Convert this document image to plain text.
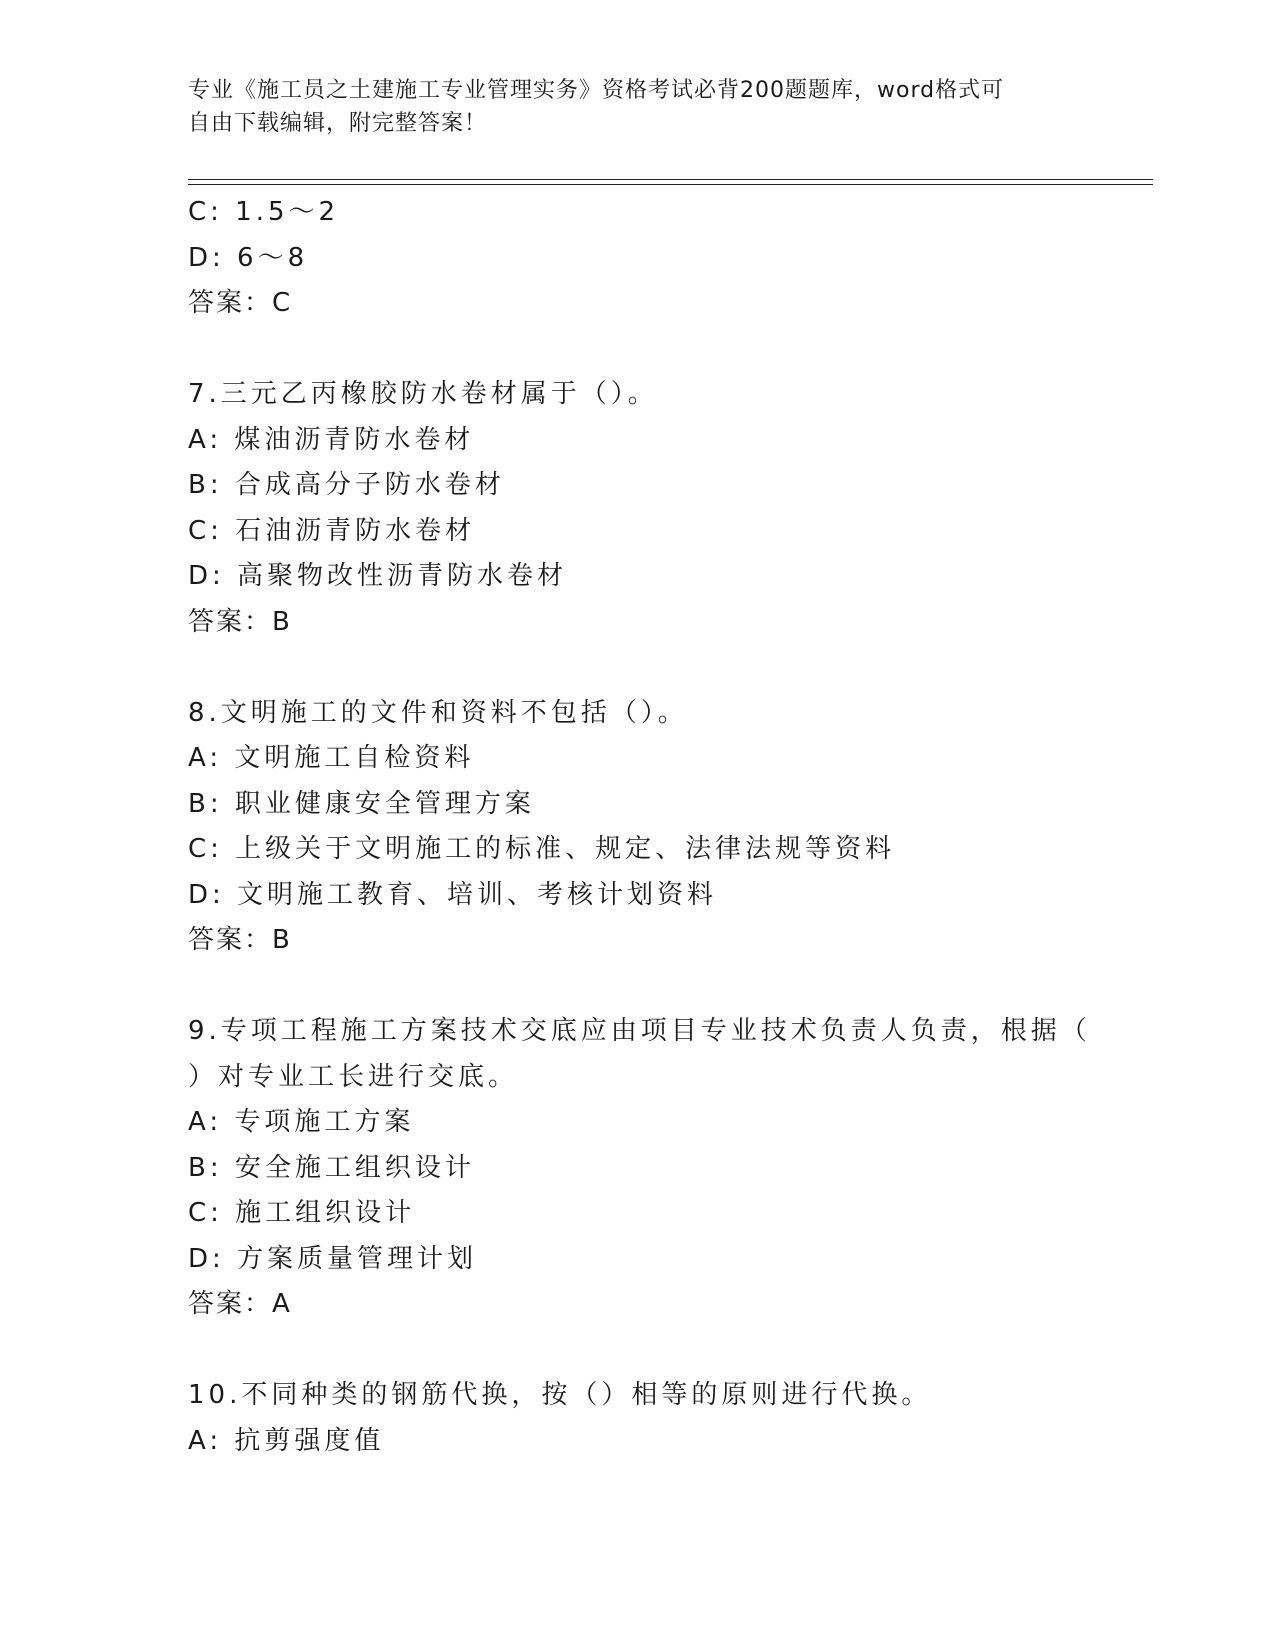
专业《施工员之土建施工专业管理实务》资格考试必背200题题库，word格式可
自由下载编辑，附完整答案！
C: 1.5～2
D: 6～8
答案：C
7.三元乙丙橡胶防水卷材属于（）。
A: 煤油沥青防水卷材
B: 合成高分子防水卷材
C: 石油沥青防水卷材
D: 高聚物改性沥青防水卷材
答案：B
8.文明施工的文件和资料不包括（）。
A: 文明施工自检资料
B: 职业健康安全管理方案
C: 上级关于文明施工的标准、规定、法律法规等资料
D: 文明施工教育、培训、考核计划资料
答案：B
9.专项工程施工方案技术交底应由项目专业技术负责人负责，根据（
）对专业工长进行交底。
A: 专项施工方案
B: 安全施工组织设计
C: 施工组织设计
D: 方案质量管理计划
答案：A
10.不同种类的钢筋代换，按（）相等的原则进行代换。
A: 抗剪强度值
